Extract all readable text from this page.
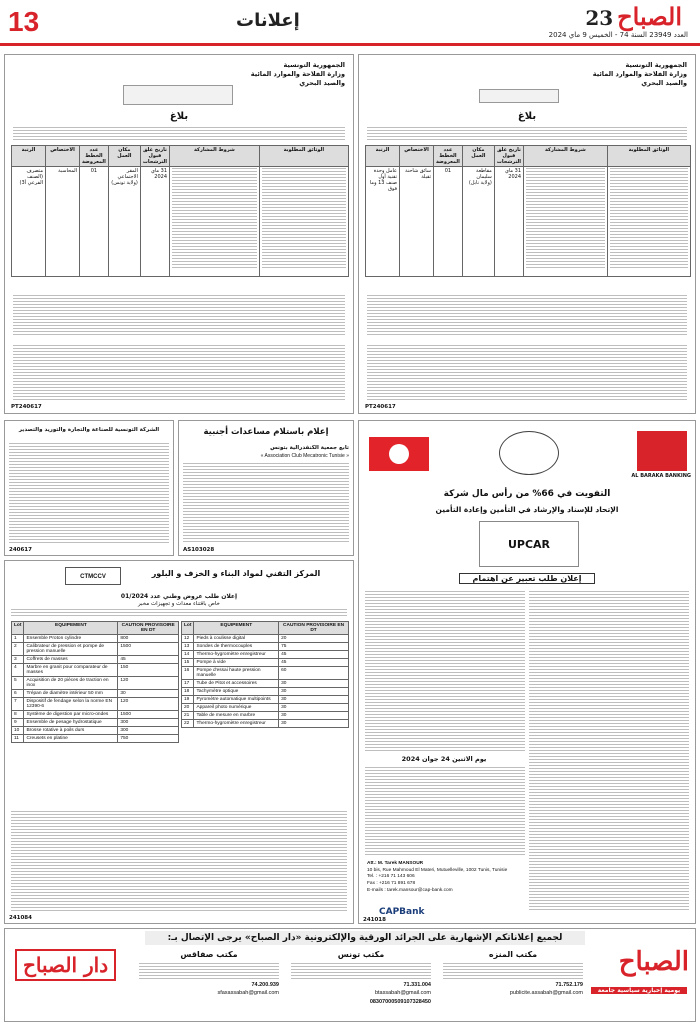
13	إعلانات	23 الصباح
العدد 23949 السنة 74 - الخميس 9 ماي 2024
الجمهورية التونسية
وزارة الفلاحة والموارد المائية
والصيد البحري
بلاغ
الرتبة	الاختصاص	عدد الخطط المعروضة	مكان العمل	تاريخ غلق قبول الترشحات	شروط المشاركة	الوثائق المطلوبة
عامل وحدة تقنية أول صنف 13 وما فوق	سائق شاحنة ثقيلة	01	مقاطعة سليمان (ولاية نابل)	31 ماي 2024	

PT240617
الجمهورية التونسية
وزارة الفلاحة والموارد المائية
والصيد البحري
بلاغ
الرتبة	الاختصاص	عدد الخطط المعروضة	مكان العمل	تاريخ غلق قبول الترشحات	شروط المشاركة	الوثائق المطلوبة
متصرف (الصنف الفرعي أ3)	المحاسبة	01	المقر الاجتماعي (ولاية تونس)	31 ماي 2024	

PT240617
AL BARAKA BANKING
التفويت في 66% من رأس مال شركة
الإتحاد للإسناد والإرشاد في التأمين وإعادة التأمين
UPCAR
إعلان طلب تعبير عن اهتمام
يوم الاثنين 24 جوان 2024
Att.: M. Tarek MANSOUR
10 bis, Rue Mahmoud El Materi, Mutuelleville, 1002 Tunis, Tunisie
Tel. : +216 71 143 606
Fax : +216 71 891 678
E-mails : tarek.mansour@cap-bank.com
CAPBank
241018
إعلام باستلام مساعدات أجنبية
تابع جمعية الكنفدرالية بتونس
« Association Club Mecatronic Tunisie »
AS103028
الشركة التونسية للصناعة والتجارة والتوريد والتصدير
240617
CTMCCV	المركز التقني لمواد البناء و الخزف و البلور
إعلان طلب عروض وطني عدد 01/2024
خاص باقتناء معدات و تجهيزات مخبر
Lot	EQUIPEMENT	CAUTION PROVISOIRE EN DT
1	Ensemble Proton cylindre	800
2	Calibrateur de pression et pompe de pression manuelle	1500
3	Coffrets de masses	45
4	Marbre en granit pour comparateur de masses	150
5	Acquisition de 20 pièces de traction en inox	120
6	Trépan de diamètre intérieur 50 mm	30
7	Dispositif de fendage selon la norme EN 12390-6	120
8	Système de digestion par micro-ondes	1500
9	Ensemble de pesage hydrostatique	300
10	Brosse rotative à poils durs	300
11	Creusets en platine	750
Lot	EQUIPEMENT	CAUTION PROVISOIRE EN DT
12	Pieds à coulisse digital	20
13	Sondes de thermocouples	75
14	Thermo-hygromètre enregistreur	45
15	Pompe à vide	45
16	Pompe d'essai haute pression manuelle	60
17	Tube de Pitot et accessoires	30
18	Tachymètre optique	30
19	Pyromètre automatique multipoints	30
20	Appareil photo numérique	30
21	Table de mesure en marbre	30
22	Thermo-hygromètre enregistreur	30
241084
لجميع إعلاناتكم الإشهارية على الجرائد الورقية والإلكترونية «دار الصباح» يرجى الإتصال بـ:
الصباح
يومية إخبارية سياسية جامعة
مكتب المنزه
71.752.179
publicite.assabah@gmail.com
مكتب تونس
71.331.004
btassabah@gmail.com
08307000509107328450
مكتب صفاقس
74.200.939
sfaxassabah@gmail.com
دار الصباح
